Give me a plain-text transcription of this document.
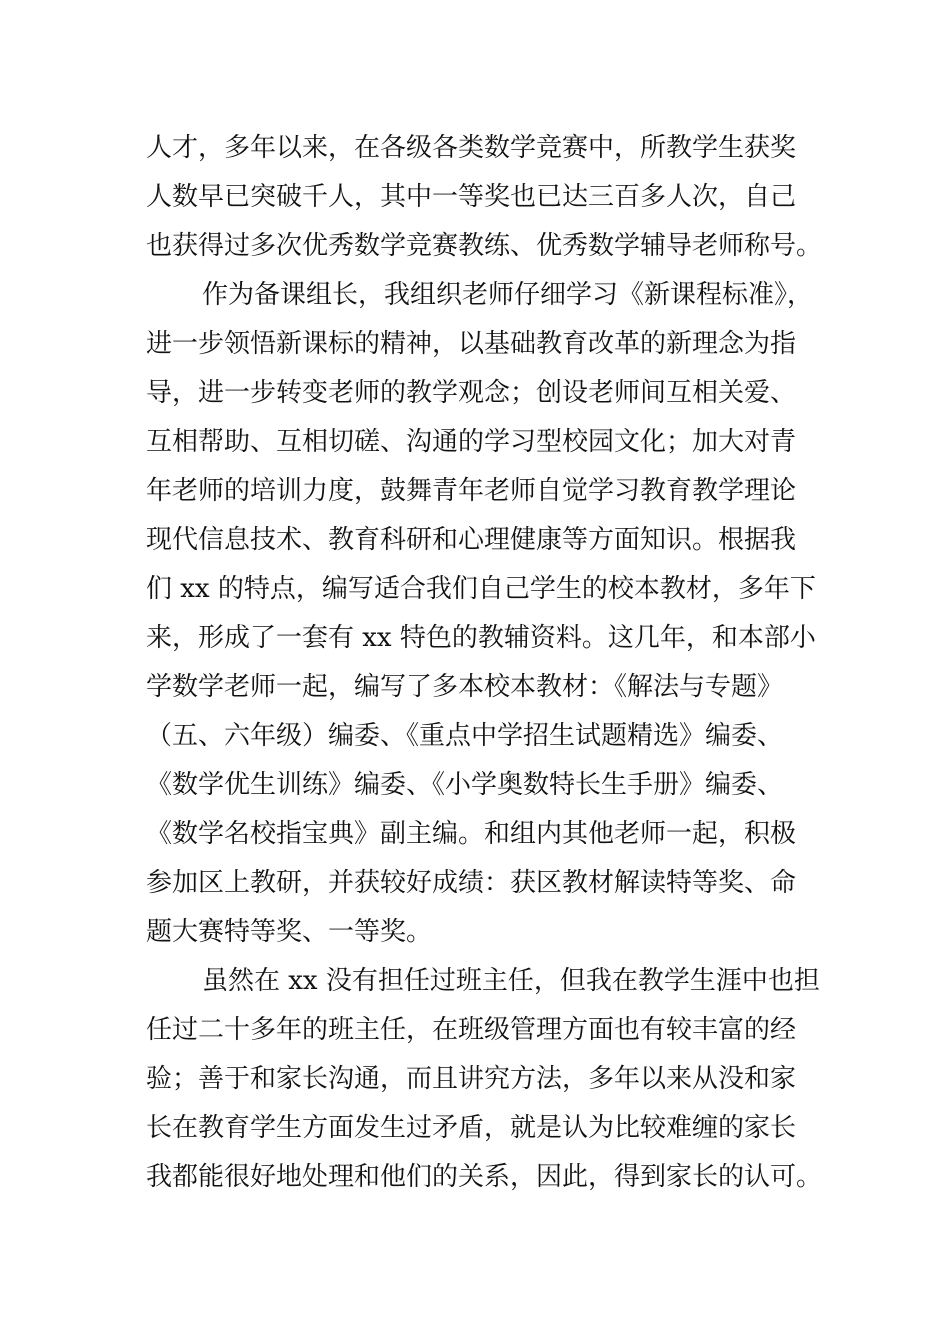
人才，多年以来，在各级各类数学竞赛中，所教学生获奖
人数早已突破千人，其中一等奖也已达三百多人次，自己
也获得过多次优秀数学竞赛教练、优秀数学辅导老师称号。
作为备课组长，我组织老师仔细学习《新课程标准》，
进一步领悟新课标的精神，以基础教育改革的新理念为指
导，进一步转变老师的教学观念；创设老师间互相关爱、
互相帮助、互相切磋、沟通的学习型校园文化；加大对青
年老师的培训力度，鼓舞青年老师自觉学习教育教学理论
现代信息技术、教育科研和心理健康等方面知识。根据我
们 xx 的特点，编写适合我们自己学生的校本教材，多年下
来，形成了一套有 xx 特色的教辅资料。这几年，和本部小
学数学老师一起，编写了多本校本教材：《解法与专题》
（五、六年级）编委、《重点中学招生试题精选》编委、
《数学优生训练》编委、《小学奥数特长生手册》编委、
《数学名校指宝典》副主编。和组内其他老师一起，积极
参加区上教研，并获较好成绩：获区教材解读特等奖、命
题大赛特等奖、一等奖。
虽然在 xx 没有担任过班主任，但我在教学生涯中也担
任过二十多年的班主任，在班级管理方面也有较丰富的经
验；善于和家长沟通，而且讲究方法，多年以来从没和家
长在教育学生方面发生过矛盾，就是认为比较难缠的家长
我都能很好地处理和他们的关系，因此，得到家长的认可。
